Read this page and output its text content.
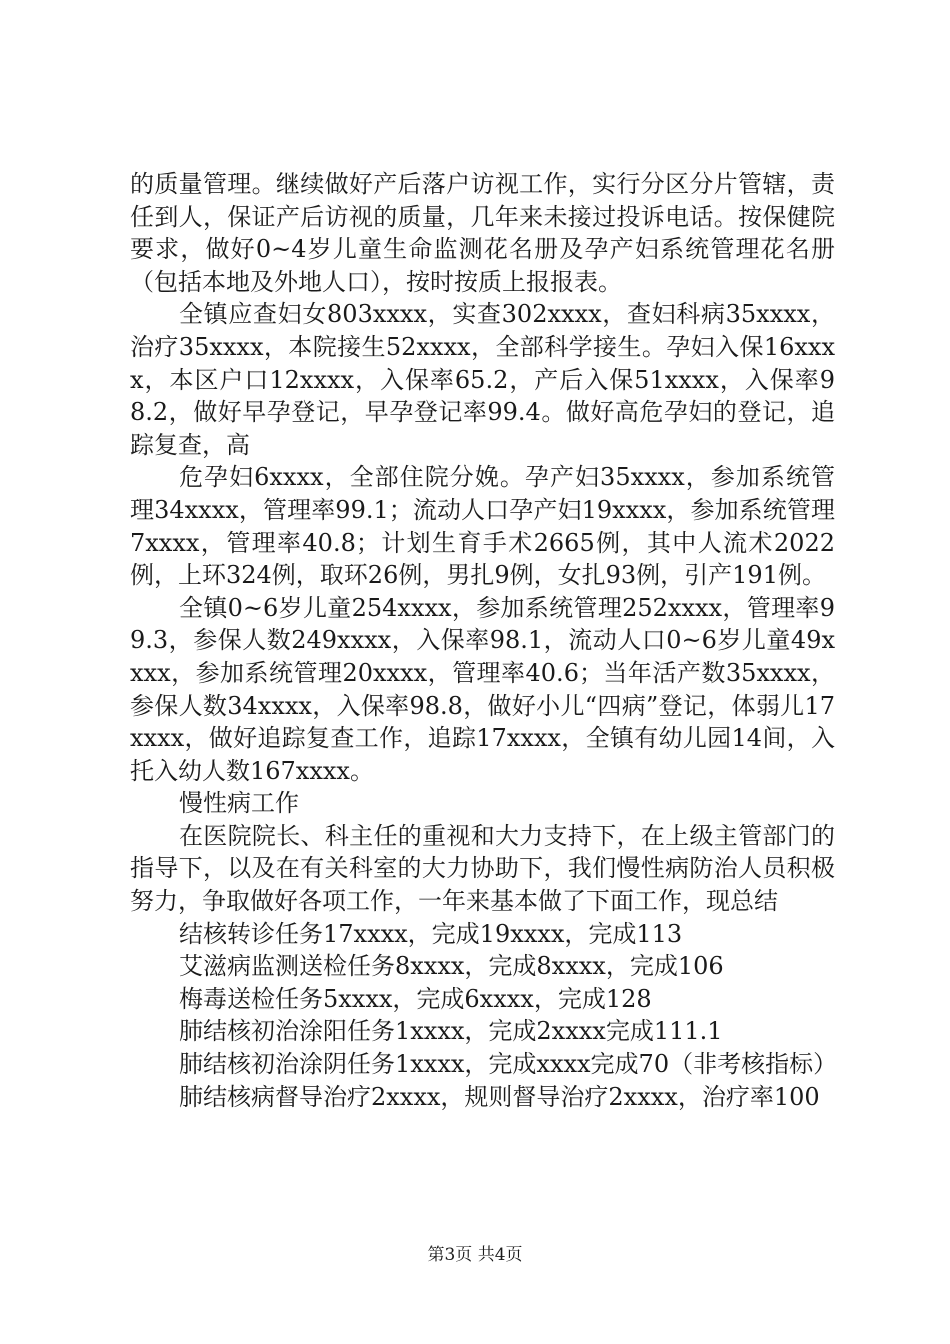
的质量管理。继续做好产后落户访视工作，实行分区分片管辖，责任到人，保证产后访视的质量，几年来未接过投诉电话。按保健院要求，做好0~4岁儿童生命监测花名册及孕产妇系统管理花名册（包括本地及外地人口），按时按质上报报表。

全镇应查妇女803xxxx，实查302xxxx，查妇科病35xxxx，治疗35xxxx，本院接生52xxxx，全部科学接生。孕妇入保16xxxx，本区户口12xxxx，入保率65.2，产后入保51xxxx，入保率98.2，做好早孕登记，早孕登记率99.4。做好高危孕妇的登记，追踪复查，高

危孕妇6xxxx，全部住院分娩。孕产妇35xxxx，参加系统管理34xxxx，管理率99.1；流动人口孕产妇19xxxx，参加系统管理7xxxx，管理率40.8；计划生育手术2665例，其中人流术2022例，上环324例，取环26例，男扎9例，女扎93例，引产191例。

全镇0~6岁儿童254xxxx，参加系统管理252xxxx，管理率99.3，参保人数249xxxx，入保率98.1，流动人口0~6岁儿童49xxxx，参加系统管理20xxxx，管理率40.6；当年活产数35xxxx，参保人数34xxxx，入保率98.8，做好小儿“四病”登记，体弱儿17xxxx，做好追踪复查工作，追踪17xxxx，全镇有幼儿园14间，入托入幼人数167xxxx。

慢性病工作

在医院院长、科主任的重视和大力支持下，在上级主管部门的指导下，以及在有关科室的大力协助下，我们慢性病防治人员积极努力，争取做好各项工作，一年来基本做了下面工作，现总结

结核转诊任务17xxxx，完成19xxxx，完成113

艾滋病监测送检任务8xxxx，完成8xxxx，完成106

梅毒送检任务5xxxx，完成6xxxx，完成128

肺结核初治涂阳任务1xxxx，完成2xxxx完成111.1

肺结核初治涂阴任务1xxxx，完成xxxx完成70（非考核指标）

肺结核病督导治疗2xxxx，规则督导治疗2xxxx，治疗率100

第3页 共4页
